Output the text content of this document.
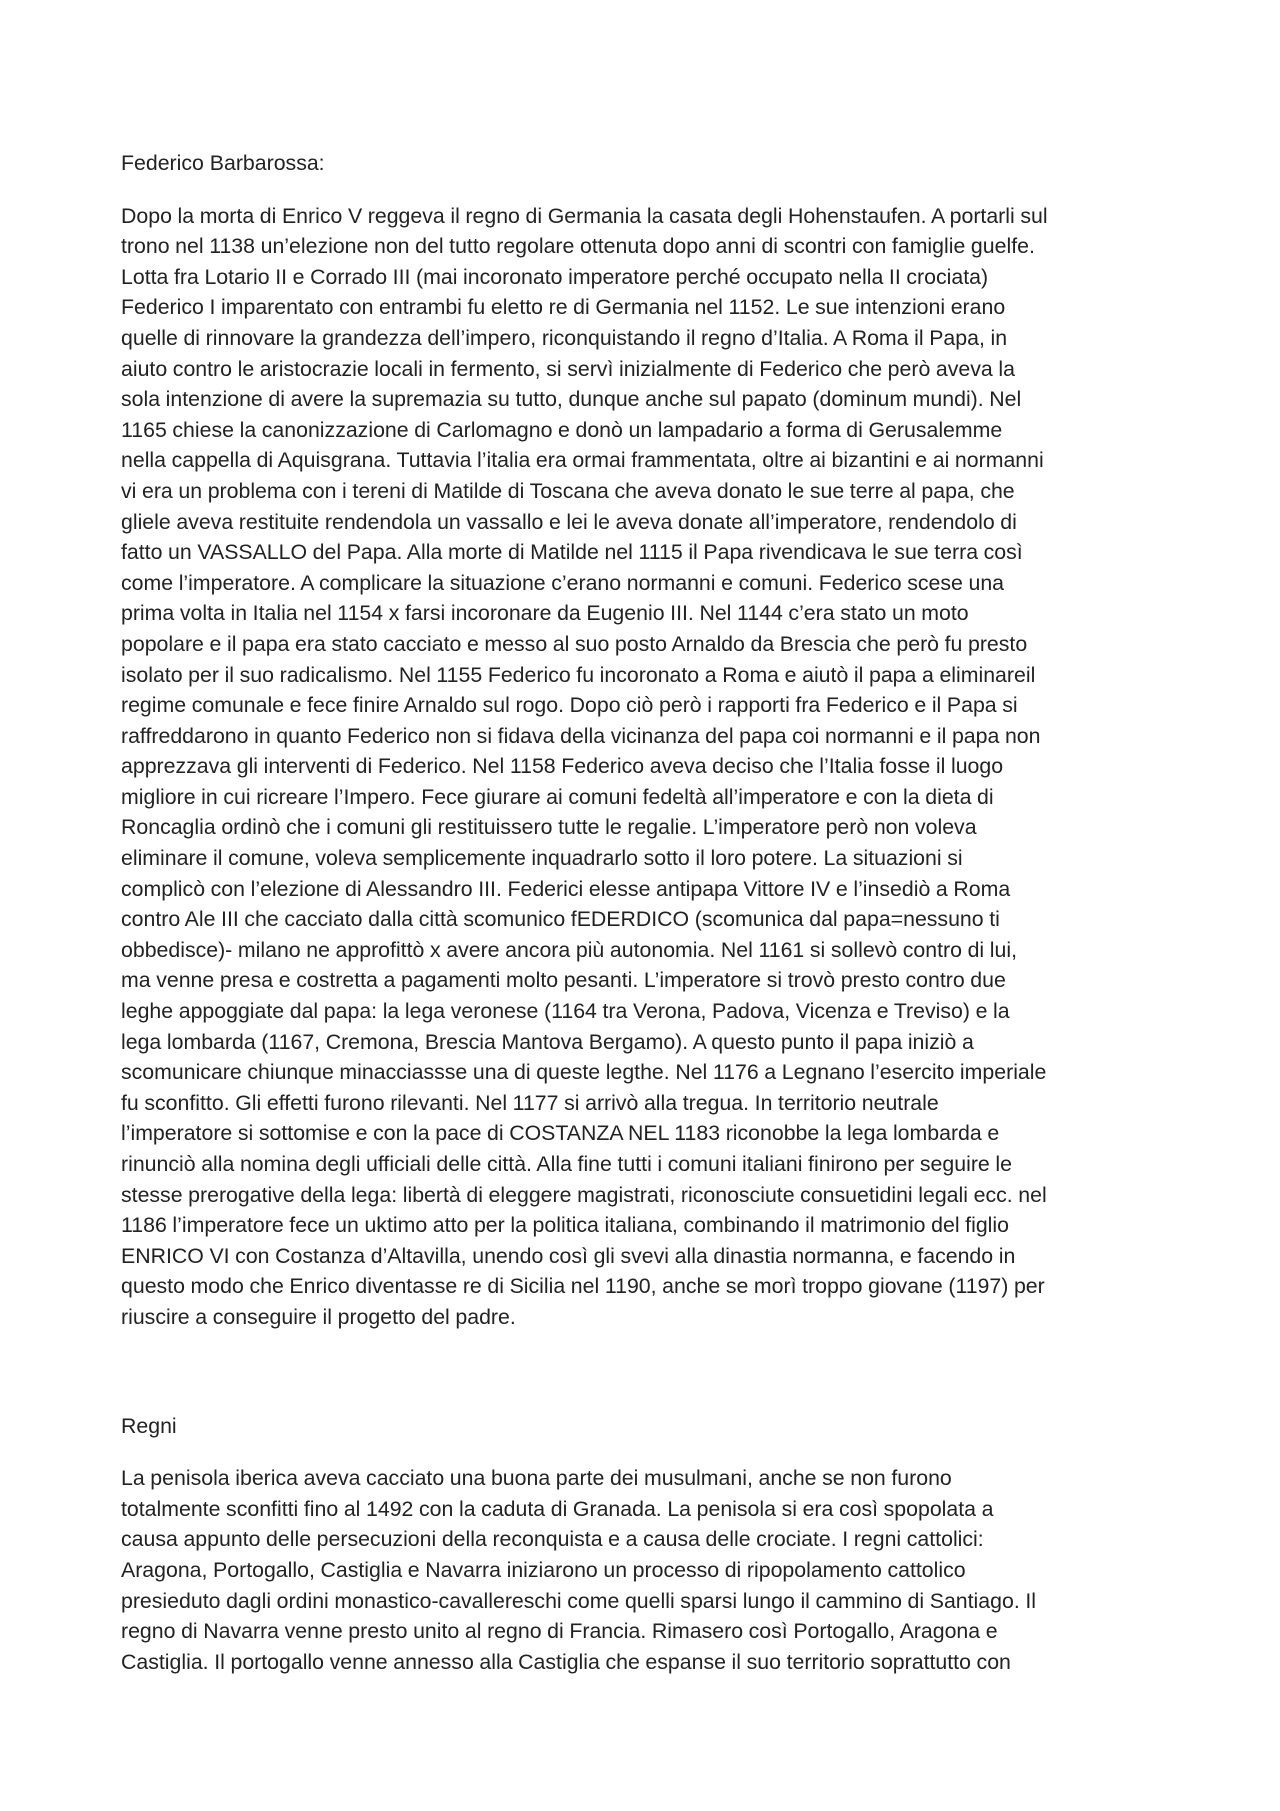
Federico Barbarossa:

Dopo la morta di Enrico V reggeva il regno di Germania la casata degli Hohenstaufen. A portarli sul
trono nel 1138 un’elezione non del tutto regolare ottenuta dopo anni di scontri con famiglie guelfe.
Lotta fra Lotario II e Corrado III (mai incoronato imperatore perché occupato nella II crociata)
Federico I imparentato con entrambi fu eletto re di Germania nel 1152. Le sue intenzioni erano
quelle di rinnovare la grandezza dell’impero, riconquistando il regno d’Italia. A Roma il Papa, in
aiuto contro le aristocrazie locali in fermento, si servì inizialmente di Federico che però aveva la
sola intenzione di avere la supremazia su tutto, dunque anche sul papato (dominum mundi). Nel
1165 chiese la canonizzazione di Carlomagno e donò un lampadario a forma di Gerusalemme
nella cappella di Aquisgrana. Tuttavia l’italia era ormai frammentata, oltre ai bizantini e ai normanni
vi era un problema con i tereni di Matilde di Toscana che aveva donato le sue terre al papa, che
gliele aveva restituite rendendola un vassallo e lei le aveva donate all’imperatore, rendendolo di
fatto un VASSALLO del Papa. Alla morte di Matilde nel 1115 il Papa rivendicava le sue terra così
come l’imperatore. A complicare la situazione c’erano normanni e comuni. Federico scese una
prima volta in Italia nel 1154 x farsi incoronare da Eugenio III. Nel 1144 c’era stato un moto
popolare e il papa era stato cacciato e messo al suo posto Arnaldo da Brescia che però fu presto
isolato per il suo radicalismo. Nel 1155 Federico fu incoronato a Roma e aiutò il papa a eliminareil
regime comunale e fece finire Arnaldo sul rogo. Dopo ciò però i rapporti fra Federico e il Papa si
raffreddarono in quanto Federico non si fidava della vicinanza del papa coi normanni e il papa non
apprezzava gli interventi di Federico. Nel 1158 Federico aveva deciso che l’Italia fosse il luogo
migliore in cui ricreare l’Impero. Fece giurare ai comuni fedeltà all’imperatore e con la dieta di
Roncaglia ordinò che i comuni gli restituissero tutte le regalie. L’imperatore però non voleva
eliminare il comune, voleva semplicemente inquadrarlo sotto il loro potere. La situazioni si
complicò con l’elezione di Alessandro III. Federici elesse antipapa Vittore IV e l’insediò a Roma
contro Ale III che cacciato dalla città scomunico fEDERDICO (scomunica dal papa=nessuno ti
obbedisce)- milano ne approfittò x avere ancora più autonomia. Nel 1161 si sollevò contro di lui,
ma venne presa e costretta a pagamenti molto pesanti. L’imperatore si trovò presto contro due
leghe appoggiate dal papa: la lega veronese (1164 tra Verona, Padova, Vicenza e Treviso) e la
lega lombarda (1167, Cremona, Brescia Mantova Bergamo). A questo punto il papa iniziò a
scomunicare chiunque minacciassse una di queste legthe. Nel 1176 a Legnano l’esercito imperiale
fu sconfitto. Gli effetti furono rilevanti. Nel 1177 si arrivò alla tregua. In territorio neutrale
l’imperatore si sottomise e con la pace di COSTANZA NEL 1183 riconobbe la lega lombarda e
rinunciò alla nomina degli ufficiali delle città. Alla fine tutti i comuni italiani finirono per seguire le
stesse prerogative della lega: libertà di eleggere magistrati, riconosciute consuetidini legali ecc. nel
1186 l’imperatore fece un uktimo atto per la politica italiana, combinando il matrimonio del figlio
ENRICO VI con Costanza d’Altavilla, unendo così gli svevi alla dinastia normanna, e facendo in
questo modo che Enrico diventasse re di Sicilia nel 1190, anche se morì troppo giovane (1197) per
riuscire a conseguire il progetto del padre.

Regni

La penisola iberica aveva cacciato una buona parte dei musulmani, anche se non furono
totalmente sconfitti fino al 1492 con la caduta di Granada. La penisola si era così spopolata a
causa appunto delle persecuzioni della reconquista e a causa delle crociate. I regni cattolici:
Aragona, Portogallo, Castiglia e Navarra iniziarono un processo di ripopolamento cattolico
presieduto dagli ordini monastico-cavallereschi come quelli sparsi lungo il cammino di Santiago. Il
regno di Navarra venne presto unito al regno di Francia. Rimasero così Portogallo, Aragona e
Castiglia. Il portogallo venne annesso alla Castiglia che espanse il suo territorio soprattutto con
